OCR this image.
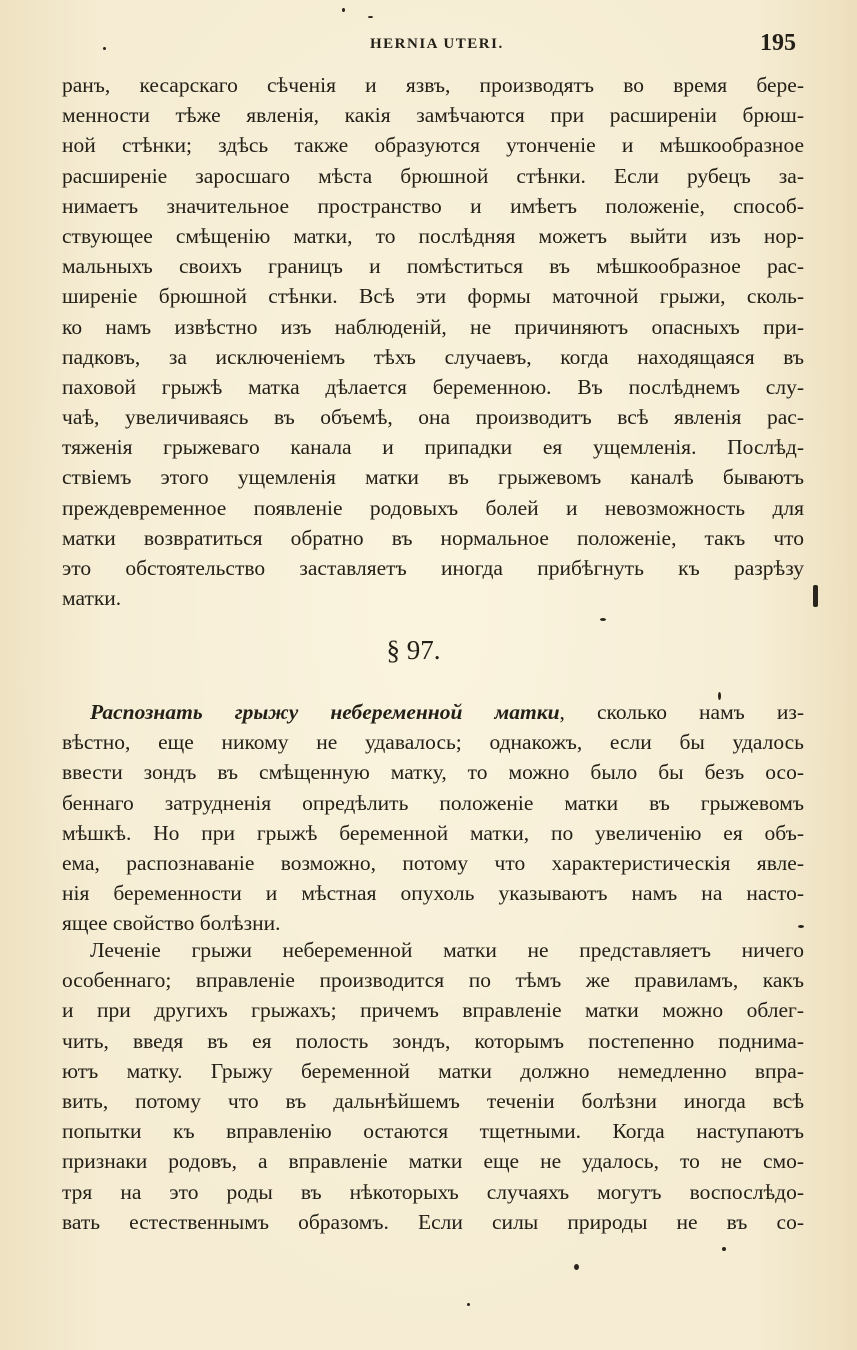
HERNIA UTERI.	195
ранъ, кесарскаго сѣченія и язвъ, производятъ во время бере-
менности тѣже явленія, какія замѣчаются при расширеніи брюш-
ной стѣнки; здѣсь также образуются утонченіе и мѣшкообразное
расширеніе заросшаго мѣста брюшной стѣнки. Если рубецъ за-
нимаетъ значительное пространство и имѣетъ положеніе, способ-
ствующее смѣщенію матки, то послѣдняя можетъ выйти изъ нор-
мальныхъ своихъ границъ и помѣститься въ мѣшкообразное рас-
ширеніе брюшной стѣнки. Всѣ эти формы маточной грыжи, сколь-
ко намъ извѣстно изъ наблюденій, не причиняютъ опасныхъ при-
падковъ, за исключеніемъ тѣхъ случаевъ, когда находящаяся въ
паховой грыжѣ матка дѣлается беременною. Въ послѣднемъ слу-
чаѣ, увеличиваясь въ объемѣ, она производитъ всѣ явленія рас-
тяженія грыжеваго канала и припадки ея ущемленія. Послѣд-
ствіемъ этого ущемленія матки въ грыжевомъ каналѣ бываютъ
преждевременное появленіе родовыхъ болей и невозможность для
матки возвратиться обратно въ нормальное положеніе, такъ что
это обстоятельство заставляетъ иногда прибѣгнуть къ разрѣзу
матки.
§ 97.
Распознать грыжу небеременной матки, сколько намъ из-
вѣстно, еще никому не удавалось; однакожъ, если бы удалось
ввести зондъ въ смѣщенную матку, то можно было бы безъ осо-
беннаго затрудненія опредѣлить положеніе матки въ грыжевомъ
мѣшкѣ. Но при грыжѣ беременной матки, по увеличенію ея объ-
ема, распознаваніе возможно, потому что характеристическія явле-
нія беременности и мѣстная опухоль указываютъ намъ на насто-
ящее свойство болѣзни.
Леченіе грыжи небеременной матки не представляетъ ничего
особеннаго; вправленіе производится по тѣмъ же правиламъ, какъ
и при другихъ грыжахъ; причемъ вправленіе матки можно облег-
чить, введя въ ея полость зондъ, которымъ постепенно поднима-
ютъ матку. Грыжу беременной матки должно немедленно впра-
вить, потому что въ дальнѣйшемъ теченіи болѣзни иногда всѣ
попытки къ вправленію остаются тщетными. Когда наступаютъ
признаки родовъ, а вправленіе матки еще не удалось, то не смо-
тря на это роды въ нѣкоторыхъ случаяхъ могутъ воспослѣдо-
вать естественнымъ образомъ. Если силы природы не въ со-
